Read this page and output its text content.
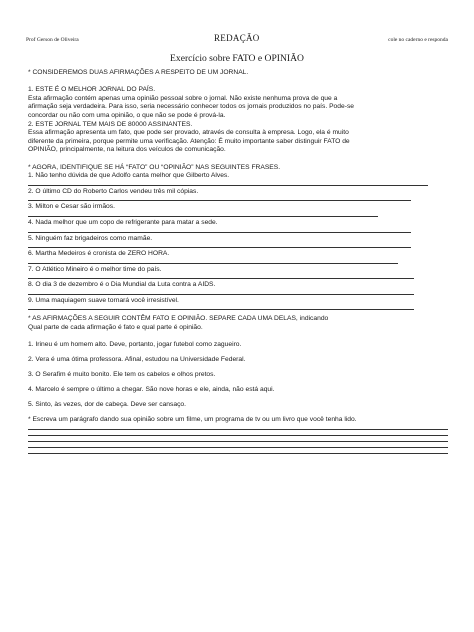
Prof Gerson de Oliveira	REDAÇÃO	cole no caderno e responda
Exercício sobre FATO e OPINIÃO

* CONSIDEREMOS DUAS AFIRMAÇÕES A RESPEITO DE UM JORNAL.

1. ESTE É O MELHOR JORNAL DO PAÍS.

Esta afirmação contém apenas uma opinião pessoal sobre o jornal. Não existe nenhuma prova de que a

afirmação seja verdadeira. Para isso, seria necessário conhecer todos os jornais produzidos no país. Pode-se

concordar ou não com uma opinião, o que não se pode é prová-la.

2. ESTE JORNAL TEM MAIS DE 80000 ASSINANTES.

Essa afirmação apresenta um fato, que pode ser provado, através de consulta à empresa. Logo, ela é muito

diferente da primeira, porque permite uma verificação. Atenção: É muito importante saber distinguir FATO de

OPINIÃO, principalmente, na leitura dos veículos de comunicação.

* AGORA, IDENTIFIQUE SE HÁ “FATO” OU “OPINIÃO” NAS SEGUINTES FRASES.

1. Não tenho dúvida de que Adolfo canta melhor que Gilberto Alves.

2. O último CD do Roberto Carlos vendeu três mil cópias.

3. Milton e Cesar são irmãos.

4. Nada melhor que um copo de refrigerante para matar a sede.

5. Ninguém faz brigadeiros como mamãe.

6. Martha Medeiros é cronista de ZERO HORA.

7. O Atlético Mineiro é o melhor time do país.

8. O dia 3 de dezembro é o Dia Mundial da Luta contra a AIDS.

9. Uma maquiagem suave tornará você irresistível.

* AS AFIRMAÇÕES A SEGUIR CONTÊM FATO E OPINIÃO. SEPARE CADA UMA DELAS, indicando

Qual parte de cada afirmação é fato e qual parte é opinião.

1. Irineu é um homem alto. Deve, portanto, jogar futebol como zagueiro.

2. Vera é uma ótima professora. Afinal, estudou na Universidade Federal.

3. O Serafim é muito bonito. Ele tem os cabelos e olhos pretos.

4. Marcelo é sempre o último a chegar. São nove horas e ele, ainda, não está aqui.

5. Sinto, às vezes, dor de cabeça. Deve ser cansaço.

* Escreva um parágrafo dando sua opinião sobre um filme, um programa de tv ou um livro que você tenha lido.
